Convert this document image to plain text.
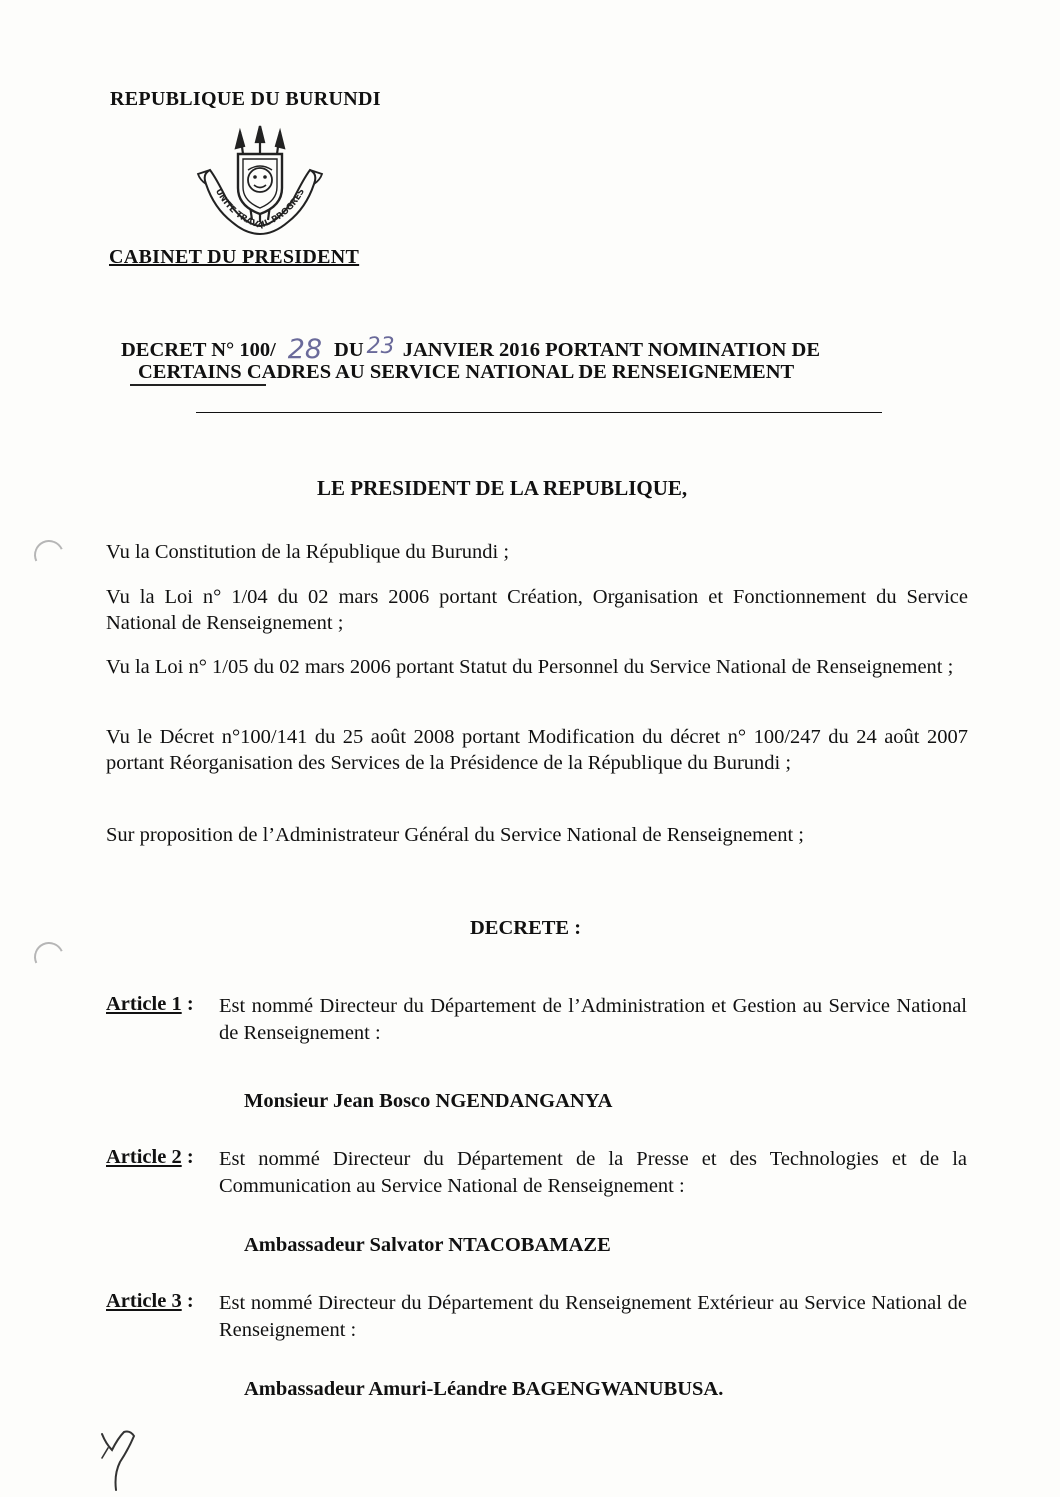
REPUBLIQUE DU BURUNDI
UNITE TRAVAIL PROGRES
CABINET DU PRESIDENT
DECRET N° 100/ 28 DU 23 JANVIER 2016 PORTANT NOMINATION DE
CERTAINS CADRES AU SERVICE NATIONAL DE RENSEIGNEMENT
LE PRESIDENT DE LA REPUBLIQUE,
Vu la Constitution de la République du Burundi ;
Vu la Loi n° 1/04 du 02 mars 2006 portant Création, Organisation et Fonctionnement du Service National de Renseignement ;
Vu la Loi n° 1/05 du 02 mars 2006 portant Statut du Personnel du Service National de Renseignement ;
Vu le Décret n°100/141 du 25 août 2008 portant Modification du décret n° 100/247 du 24 août 2007 portant Réorganisation des Services de la Présidence de la République du Burundi ;
Sur proposition de l’Administrateur Général du Service National de Renseignement ;
DECRETE :
Article 1 : Est nommé Directeur du Département de l’Administration et Gestion au Service National de Renseignement :
Monsieur Jean Bosco NGENDANGANYA
Article 2 : Est nommé Directeur du Département de la Presse et des Technologies et de la Communication au Service National de Renseignement :
Ambassadeur Salvator NTACOBAMAZE
Article 3 : Est nommé Directeur du Département du Renseignement Extérieur au Service National de Renseignement :
Ambassadeur Amuri-Léandre BAGENGWANUBUSA.
